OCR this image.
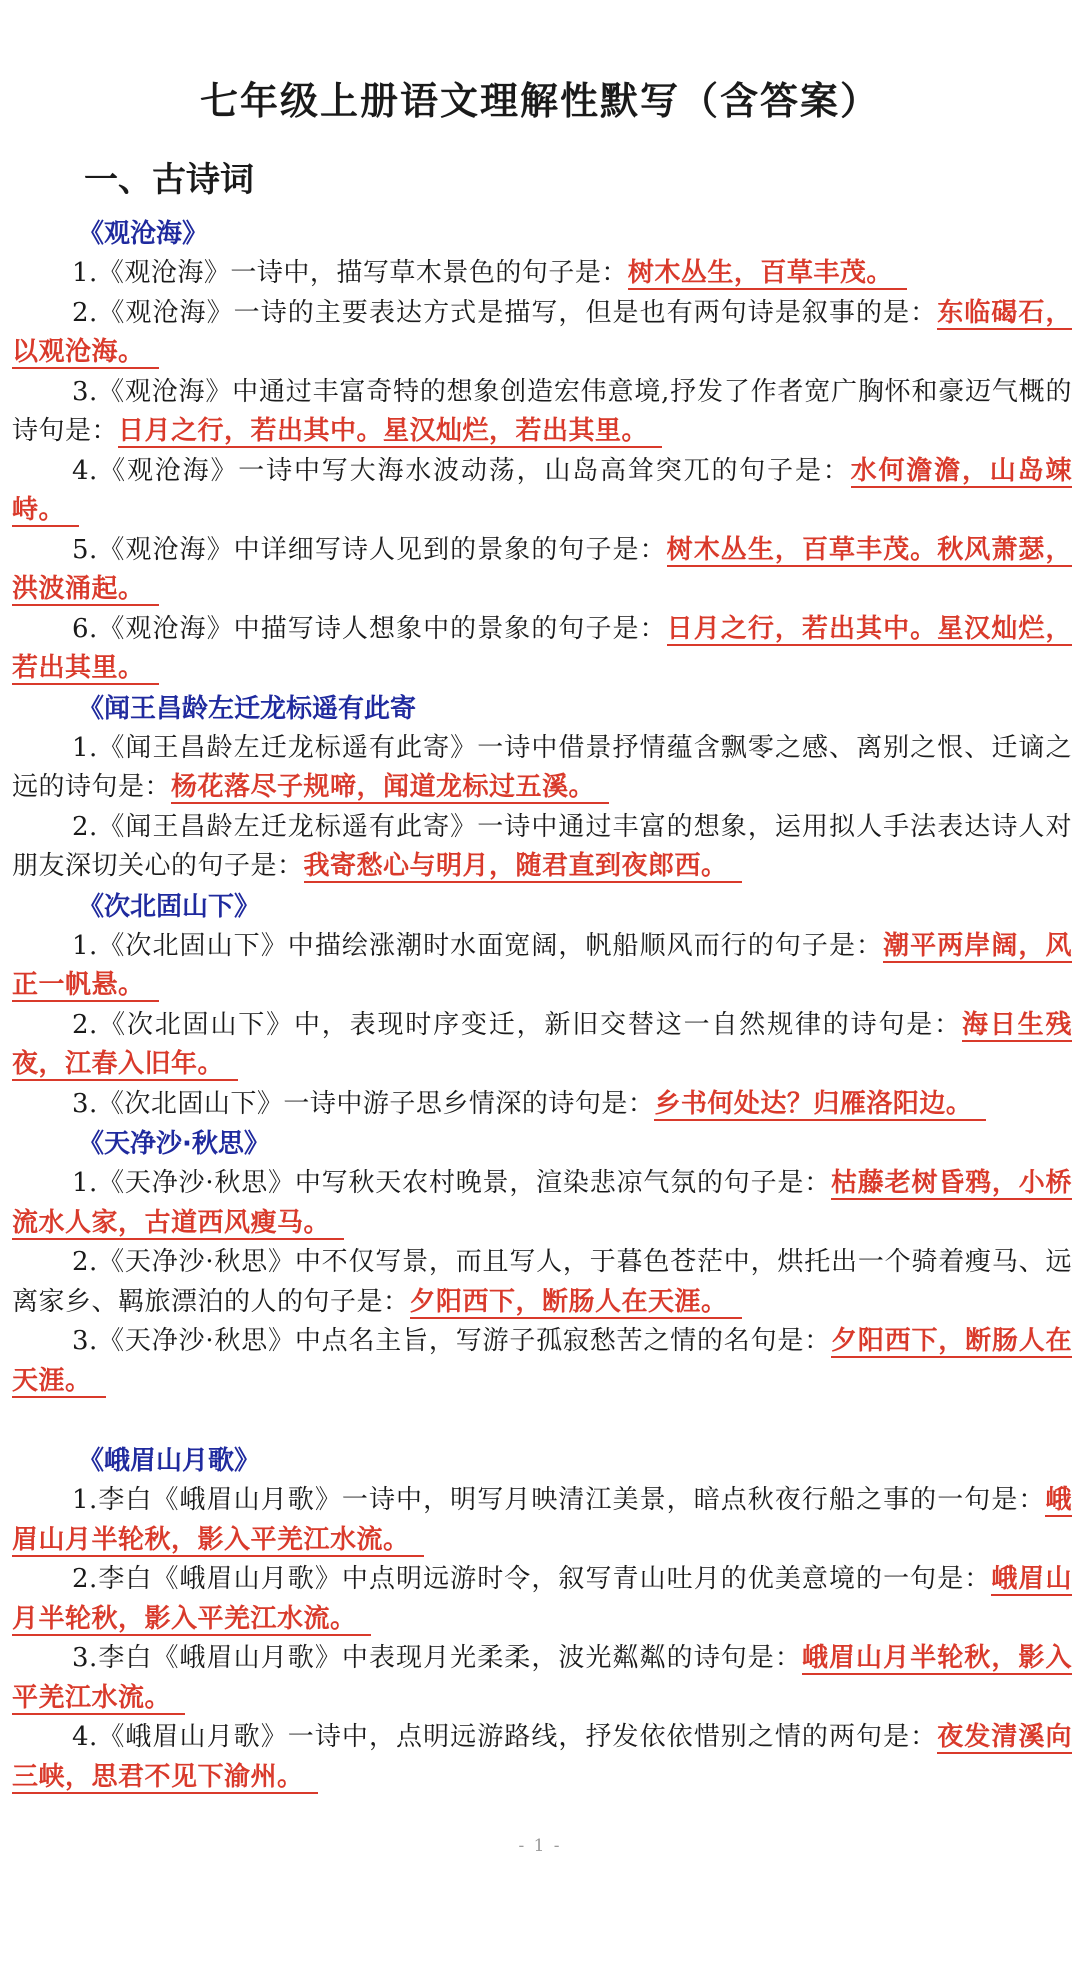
七年级上册语文理解性默写（含答案）
一、古诗词
《观沧海》
1.《观沧海》一诗中，描写草木景色的句子是：树木丛生，百草丰茂。
2.《观沧海》一诗的主要表达方式是描写，但是也有两句诗是叙事的是：东临碣石，以观沧海。
3.《观沧海》中通过丰富奇特的想象创造宏伟意境,抒发了作者宽广胸怀和豪迈气概的诗句是：日月之行，若出其中。星汉灿烂，若出其里。
4.《观沧海》一诗中写大海水波动荡，山岛高耸突兀的句子是：水何澹澹，山岛竦峙。
5.《观沧海》中详细写诗人见到的景象的句子是：树木丛生，百草丰茂。秋风萧瑟，洪波涌起。
6.《观沧海》中描写诗人想象中的景象的句子是：日月之行，若出其中。星汉灿烂，若出其里。
《闻王昌龄左迁龙标遥有此寄
1.《闻王昌龄左迁龙标遥有此寄》一诗中借景抒情蕴含飘零之感、离别之恨、迁谪之远的诗句是：杨花落尽子规啼，闻道龙标过五溪。
2.《闻王昌龄左迁龙标遥有此寄》一诗中通过丰富的想象，运用拟人手法表达诗人对朋友深切关心的句子是：我寄愁心与明月，随君直到夜郎西。
《次北固山下》
1.《次北固山下》中描绘涨潮时水面宽阔，帆船顺风而行的句子是：潮平两岸阔，风正一帆悬。
2.《次北固山下》中，表现时序变迁，新旧交替这一自然规律的诗句是：海日生残夜，江春入旧年。
3.《次北固山下》一诗中游子思乡情深的诗句是：乡书何处达？归雁洛阳边。
《天净沙·秋思》
1.《天净沙·秋思》中写秋天农村晚景，渲染悲凉气氛的句子是：枯藤老树昏鸦，小桥流水人家，古道西风瘦马。
2.《天净沙·秋思》中不仅写景，而且写人，于暮色苍茫中，烘托出一个骑着瘦马、远离家乡、羁旅漂泊的人的句子是：夕阳西下，断肠人在天涯。
3.《天净沙·秋思》中点名主旨，写游子孤寂愁苦之情的名句是：夕阳西下，断肠人在天涯。
《峨眉山月歌》
1.李白《峨眉山月歌》一诗中，明写月映清江美景，暗点秋夜行船之事的一句是：峨眉山月半轮秋，影入平羌江水流。
2.李白《峨眉山月歌》中点明远游时令，叙写青山吐月的优美意境的一句是：峨眉山月半轮秋，影入平羌江水流。
3.李白《峨眉山月歌》中表现月光柔柔，波光粼粼的诗句是：峨眉山月半轮秋，影入平羌江水流。
4.《峨眉山月歌》一诗中，点明远游路线，抒发依依惜别之情的两句是：夜发清溪向三峡，思君不见下渝州。
- 1 -
